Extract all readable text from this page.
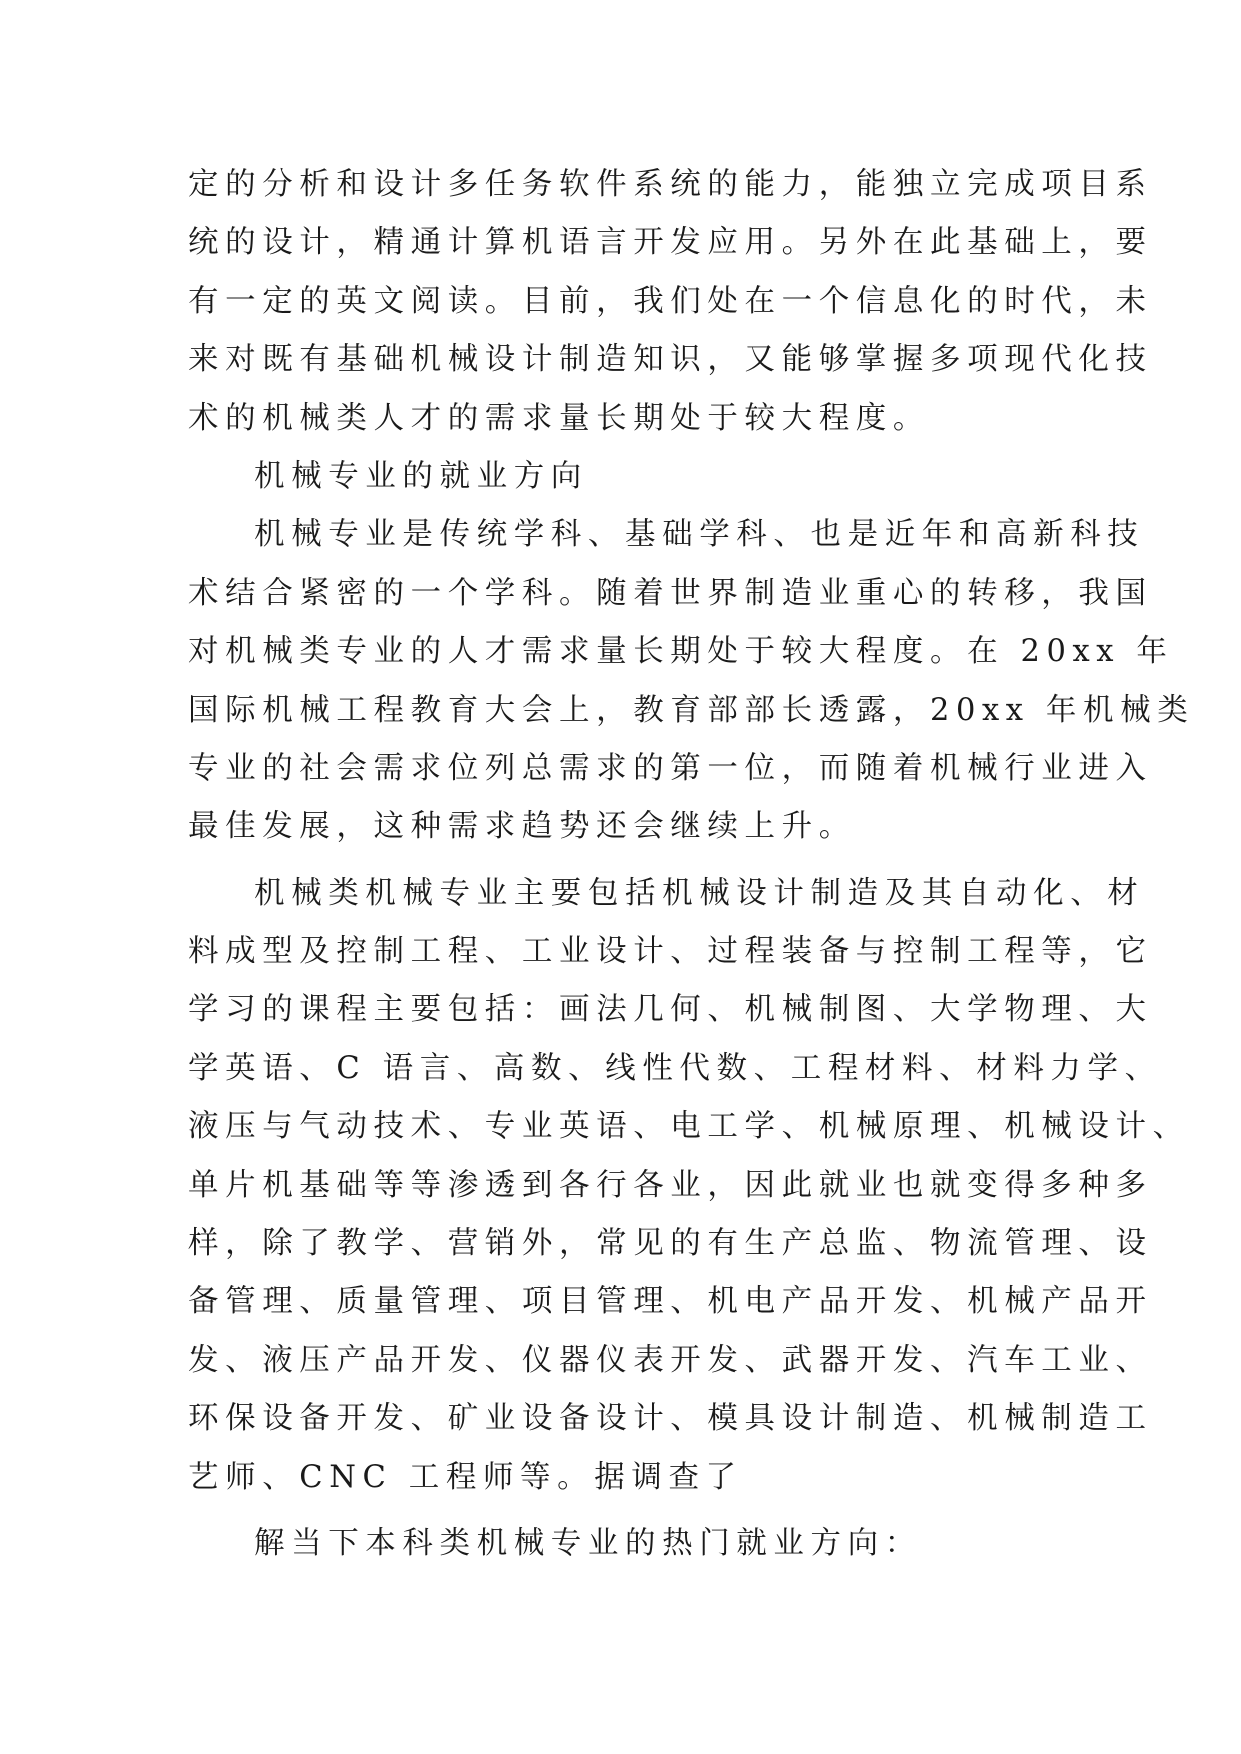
定的分析和设计多任务软件系统的能力，能独立完成项目系
统的设计，精通计算机语言开发应用。另外在此基础上，要
有一定的英文阅读。目前，我们处在一个信息化的时代，未
来对既有基础机械设计制造知识，又能够掌握多项现代化技
术的机械类人才的需求量长期处于较大程度。
机械专业的就业方向
机械专业是传统学科、基础学科、也是近年和高新科技
术结合紧密的一个学科。随着世界制造业重心的转移，我国
对机械类专业的人才需求量长期处于较大程度。在 20xx 年
国际机械工程教育大会上，教育部部长透露，20xx 年机械类
专业的社会需求位列总需求的第一位，而随着机械行业进入
最佳发展，这种需求趋势还会继续上升。
机械类机械专业主要包括机械设计制造及其自动化、材
料成型及控制工程、工业设计、过程装备与控制工程等，它
学习的课程主要包括：画法几何、机械制图、大学物理、大
学英语、C 语言、高数、线性代数、工程材料、材料力学、
液压与气动技术、专业英语、电工学、机械原理、机械设计、
单片机基础等等渗透到各行各业，因此就业也就变得多种多
样，除了教学、营销外，常见的有生产总监、物流管理、设
备管理、质量管理、项目管理、机电产品开发、机械产品开
发、液压产品开发、仪器仪表开发、武器开发、汽车工业、
环保设备开发、矿业设备设计、模具设计制造、机械制造工
艺师、CNC 工程师等。据调查了
解当下本科类机械专业的热门就业方向：
